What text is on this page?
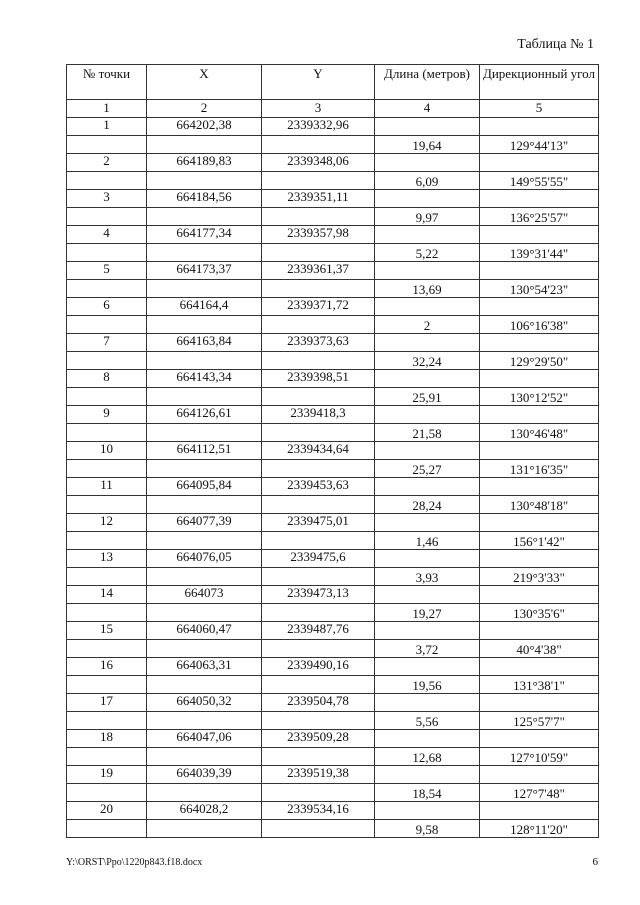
Таблица № 1
№ точки	X	Y	Длина (метров)	Дирекционный угол
1	2	3	4	5
1	664202,38	2339332,96		
			19,64	129°44'13"
2	664189,83	2339348,06		
			6,09	149°55'55"
3	664184,56	2339351,11		
			9,97	136°25'57"
4	664177,34	2339357,98		
			5,22	139°31'44"
5	664173,37	2339361,37		
			13,69	130°54'23"
6	664164,4	2339371,72		
			2	106°16'38"
7	664163,84	2339373,63		
			32,24	129°29'50"
8	664143,34	2339398,51		
			25,91	130°12'52"
9	664126,61	2339418,3		
			21,58	130°46'48"
10	664112,51	2339434,64		
			25,27	131°16'35"
11	664095,84	2339453,63		
			28,24	130°48'18"
12	664077,39	2339475,01		
			1,46	156°1'42"
13	664076,05	2339475,6		
			3,93	219°3'33"
14	664073	2339473,13		
			19,27	130°35'6"
15	664060,47	2339487,76		
			3,72	40°4'38"
16	664063,31	2339490,16		
			19,56	131°38'1"
17	664050,32	2339504,78		
			5,56	125°57'7"
18	664047,06	2339509,28		
			12,68	127°10'59"
19	664039,39	2339519,38		
			18,54	127°7'48"
20	664028,2	2339534,16		
			9,58	128°11'20"
Y:\ORST\Ppo\1220p843.f18.docx	6
